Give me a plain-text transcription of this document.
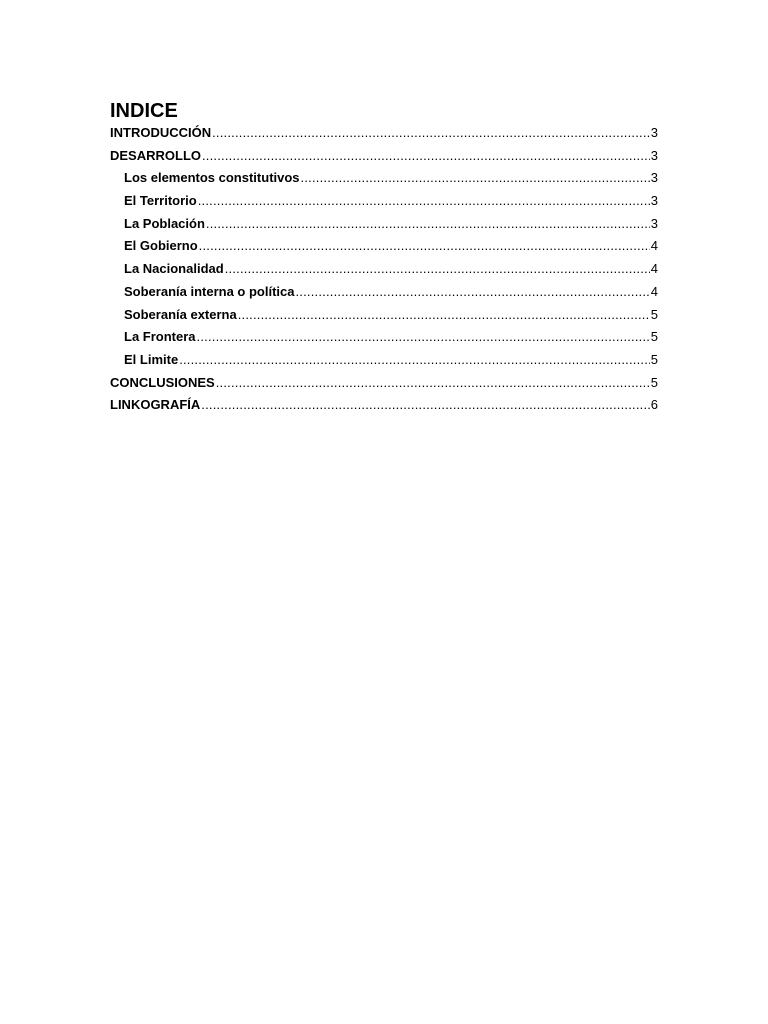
INDICE
INTRODUCCIÓN .....	3
DESARROLLO .....	3
Los elementos constitutivos .....	3
El Territorio .....	3
La Población .....	3
El Gobierno .....	4
La Nacionalidad .....	4
Soberanía interna o política .....	4
Soberanía externa .....	5
La Frontera .....	5
El Limite .....	5
CONCLUSIONES .....	5
LINKOGRAFÍA .....	6
